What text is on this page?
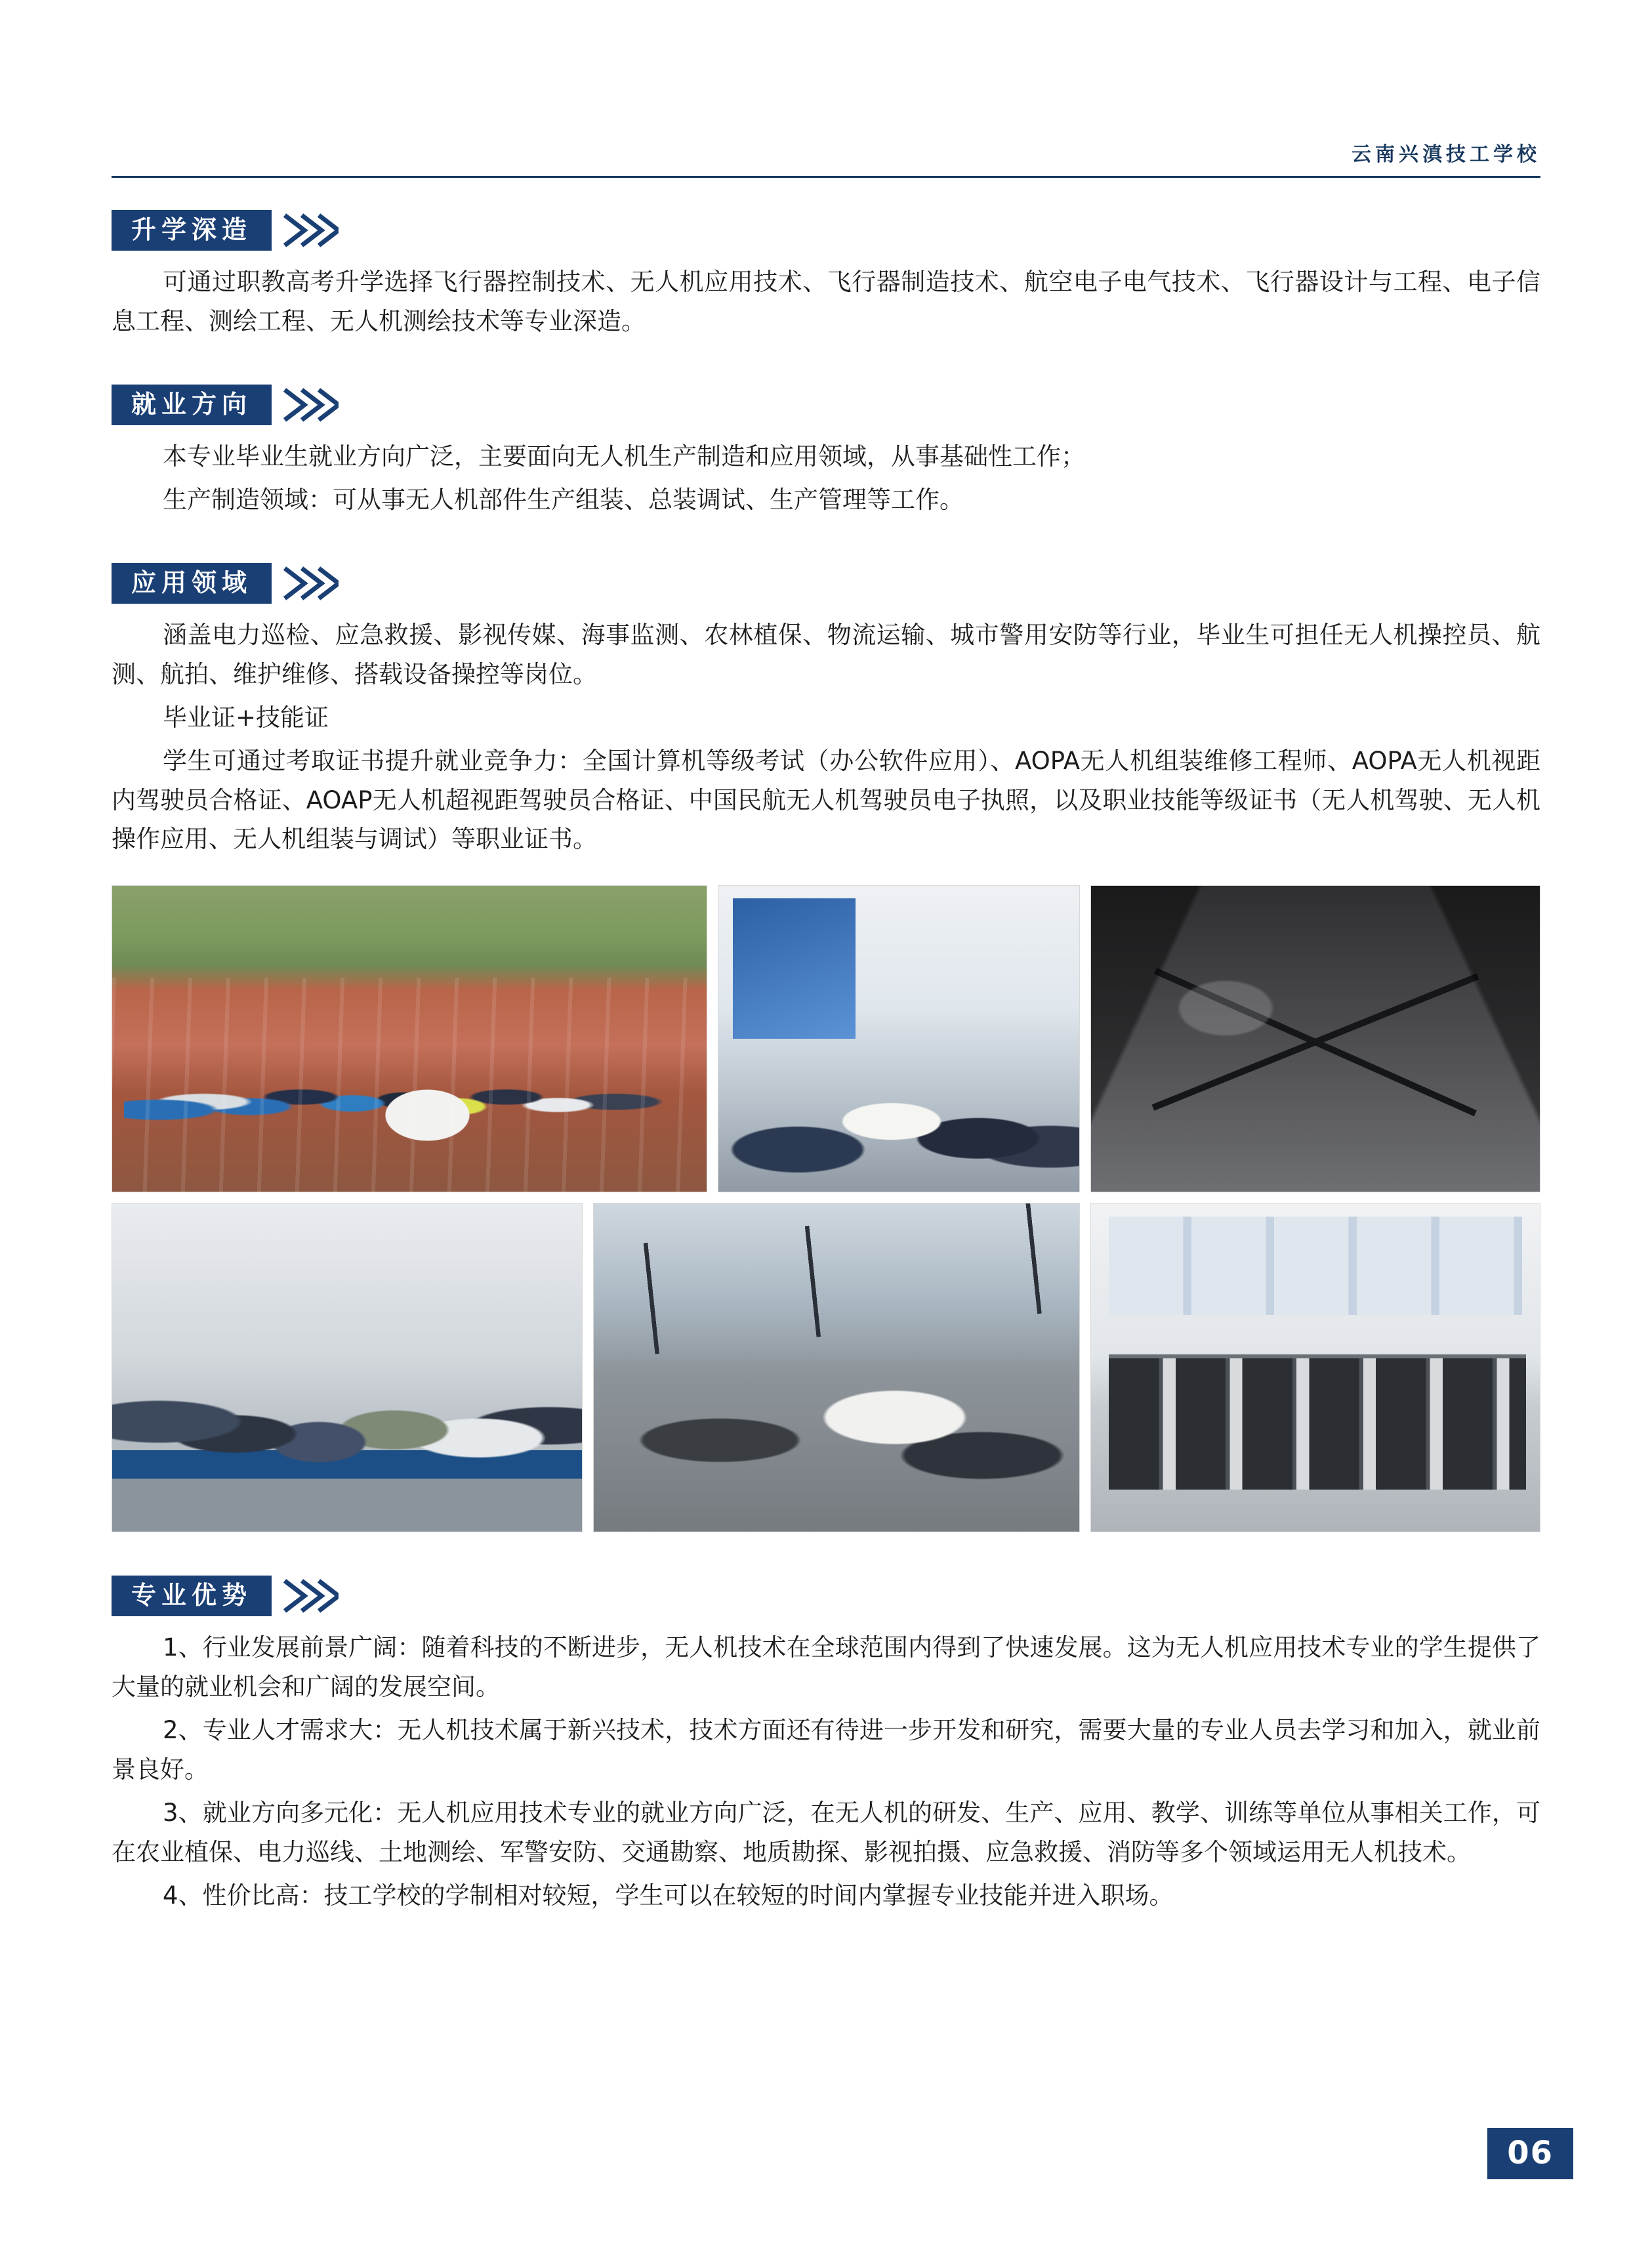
云南兴滇技工学校
升学深造

可通过职教高考升学选择飞行器控制技术、无人机应用技术、飞行器制造技术、航空电子电气技术、飞行器设计与工程、电子信息工程、测绘工程、无人机测绘技术等专业深造。

就业方向

本专业毕业生就业方向广泛，主要面向无人机生产制造和应用领域，从事基础性工作；

生产制造领域：可从事无人机部件生产组装、总装调试、生产管理等工作。

应用领域

涵盖电力巡检、应急救援、影视传媒、海事监测、农林植保、物流运输、城市警用安防等行业，毕业生可担任无人机操控员、航测、航拍、维护维修、搭载设备操控等岗位。

毕业证+技能证

学生可通过考取证书提升就业竞争力：全国计算机等级考试（办公软件应用）、AOPA无人机组装维修工程师、AOPA无人机视距内驾驶员合格证、AOAP无人机超视距驾驶员合格证、中国民航无人机驾驶员电子执照，以及职业技能等级证书（无人机驾驶、无人机操作应用、无人机组装与调试）等职业证书。

专业优势

1、行业发展前景广阔：随着科技的不断进步，无人机技术在全球范围内得到了快速发展。这为无人机应用技术专业的学生提供了大量的就业机会和广阔的发展空间。

2、专业人才需求大：无人机技术属于新兴技术，技术方面还有待进一步开发和研究，需要大量的专业人员去学习和加入，就业前景良好。

3、就业方向多元化：无人机应用技术专业的就业方向广泛，在无人机的研发、生产、应用、教学、训练等单位从事相关工作，可在农业植保、电力巡线、土地测绘、军警安防、交通勘察、地质勘探、影视拍摄、应急救援、消防等多个领域运用无人机技术。

4、性价比高：技工学校的学制相对较短，学生可以在较短的时间内掌握专业技能并进入职场。

06
